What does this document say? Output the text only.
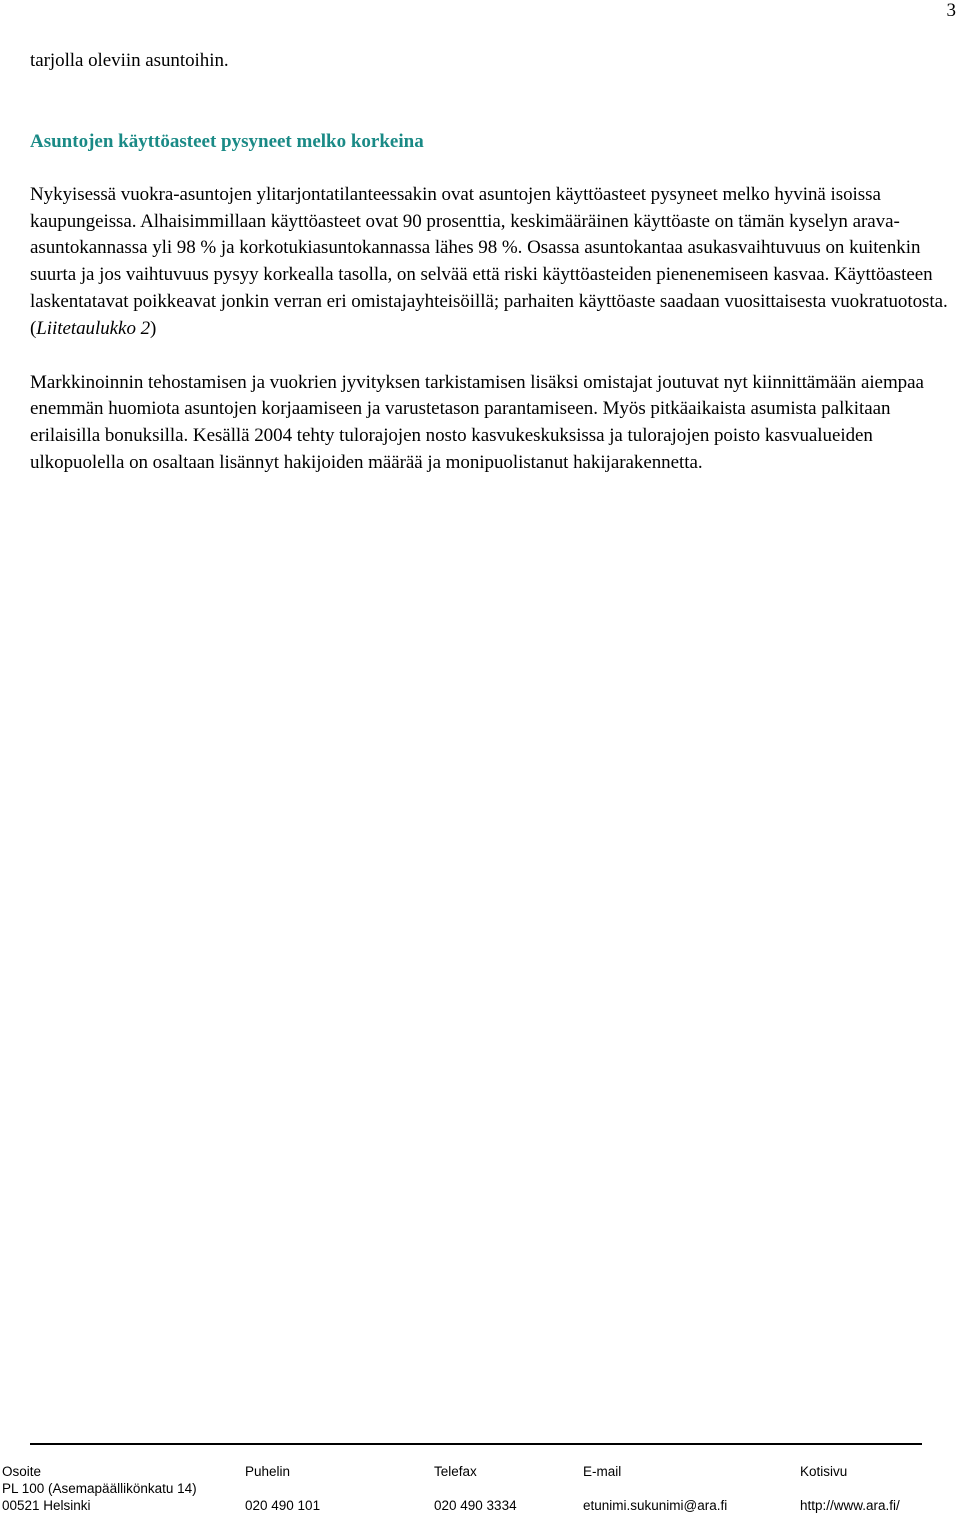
3

tarjolla oleviin asuntoihin.

Asuntojen käyttöasteet pysyneet melko korkeina

Nykyisessä vuokra-asuntojen ylitarjontatilanteessakin ovat asuntojen käyttöasteet pysyneet melko hyvinä isoissa kaupungeissa. Alhaisimmillaan käyttöasteet ovat 90 prosenttia, keskimääräinen käyttöaste on tämän kyselyn arava-asuntokannassa yli 98 % ja korkotukiasuntokannassa lähes 98 %. Osassa asuntokantaa asukasvaihtuvuus on kuitenkin suurta ja jos vaihtuvuus pysyy korkealla tasolla, on selvää että riski käyttöasteiden pienenemiseen kasvaa. Käyttöasteen laskentatavat poikkeavat jonkin verran eri omistajayhteisöillä; parhaiten käyttöaste saadaan vuosittaisesta vuokratuotosta. (Liitetaulukko 2)

Markkinoinnin tehostamisen ja vuokrien jyvityksen tarkistamisen lisäksi omistajat joutuvat nyt kiinnittämään aiempaa enemmän huomiota asuntojen korjaamiseen ja varustetason parantamiseen. Myös pitkäaikaista asumista palkitaan erilaisilla bonuksilla. Kesällä 2004 tehty tulorajojen nosto kasvukeskuksissa ja tulorajojen poisto kasvualueiden ulkopuolella on osaltaan lisännyt hakijoiden määrää ja monipuolistanut hakijarakennetta.

Osoite	Puhelin	Telefax	E-mail	Kotisivu
PL 100 (Asemapäällikönkatu 14)
00521 Helsinki	020 490 101	020 490 3334	etunimi.sukunimi@ara.fi	http://www.ara.fi/
